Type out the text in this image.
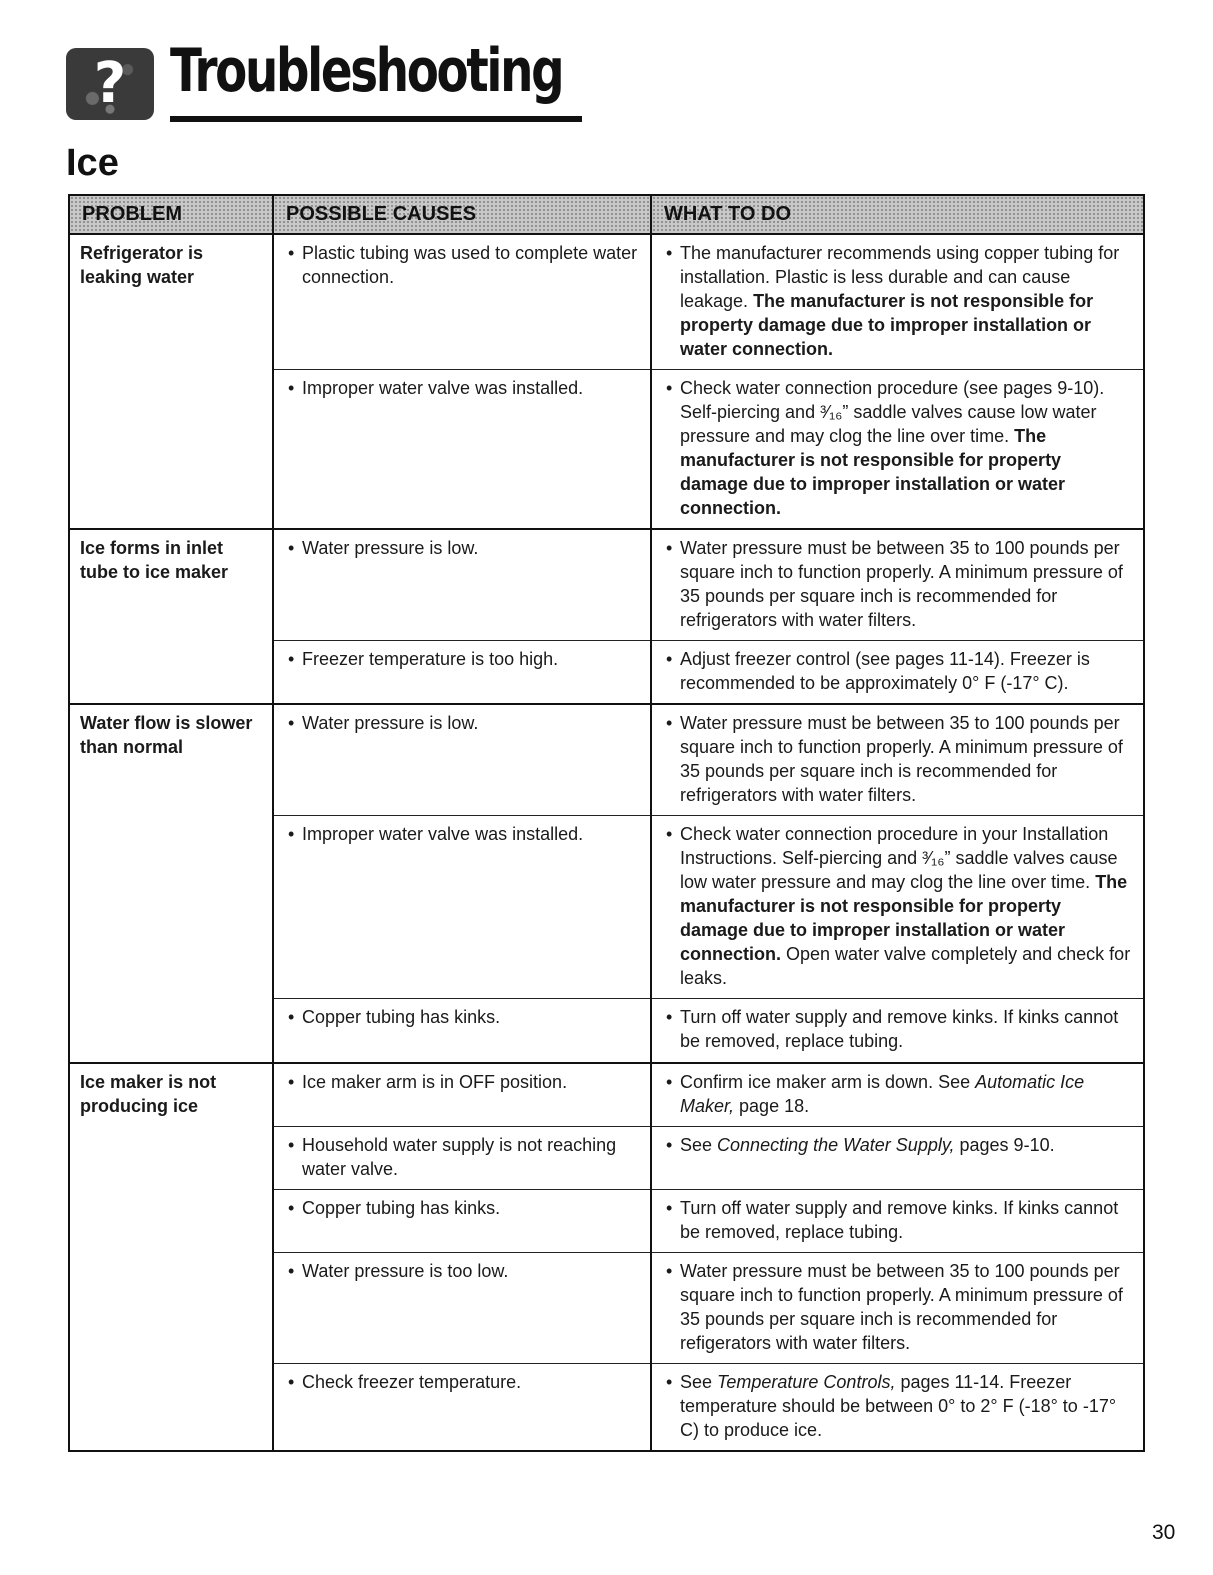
? Troubleshooting
Ice
PROBLEM	POSSIBLE CAUSES	WHAT TO DO
Refrigerator is leaking water	• Plastic tubing was used to complete water connection.	• The manufacturer recommends using copper tubing for installation. Plastic is less durable and can cause leakage. The manufacturer is not responsible for property damage due to improper installation or water connection.

	• Improper water valve was installed.	• Check water connection procedure (see pages 9-10). Self-piercing and ³⁄₁₆” saddle valves cause low water pressure and may clog the line over time. The manufacturer is not responsible for property damage due to improper installation or water connection.

Ice forms in inlet tube to ice maker	• Water pressure is low.	• Water pressure must be between 35 to 100 pounds per square inch to function properly. A minimum pressure of 35 pounds per square inch is recommended for refrigerators with water filters.

	• Freezer temperature is too high.	• Adjust freezer control (see pages 11-14). Freezer is recommended to be approximately 0° F (-17° C).

Water flow is slower than normal	• Water pressure is low.	• Water pressure must be between 35 to 100 pounds per square inch to function properly. A minimum pressure of 35 pounds per square inch is recommended for refrigerators with water filters.

	• Improper water valve was installed.	• Check water connection procedure in your Installation Instructions. Self-piercing and ³⁄₁₆” saddle valves cause low water pressure and may clog the line over time. The manufacturer is not responsible for property damage due to improper installation or water connection. Open water valve completely and check for leaks.

	• Copper tubing has kinks.	• Turn off water supply and remove kinks. If kinks cannot be removed, replace tubing.

Ice maker is not producing ice	• Ice maker arm is in OFF position.	• Confirm ice maker arm is down. See Automatic Ice Maker, page 18.

	• Household water supply is not reaching water valve.	• See Connecting the Water Supply, pages 9-10.

	• Copper tubing has kinks.	• Turn off water supply and remove kinks. If kinks cannot be removed, replace tubing.

	• Water pressure is too low.	• Water pressure must be between 35 to 100 pounds per square inch to function properly. A minimum pressure of 35 pounds per square inch is recommended for refigerators with water filters.

	• Check freezer temperature.	• See Temperature Controls, pages 11-14. Freezer temperature should be between 0° to 2° F (-18° to -17° C) to produce ice.
30
